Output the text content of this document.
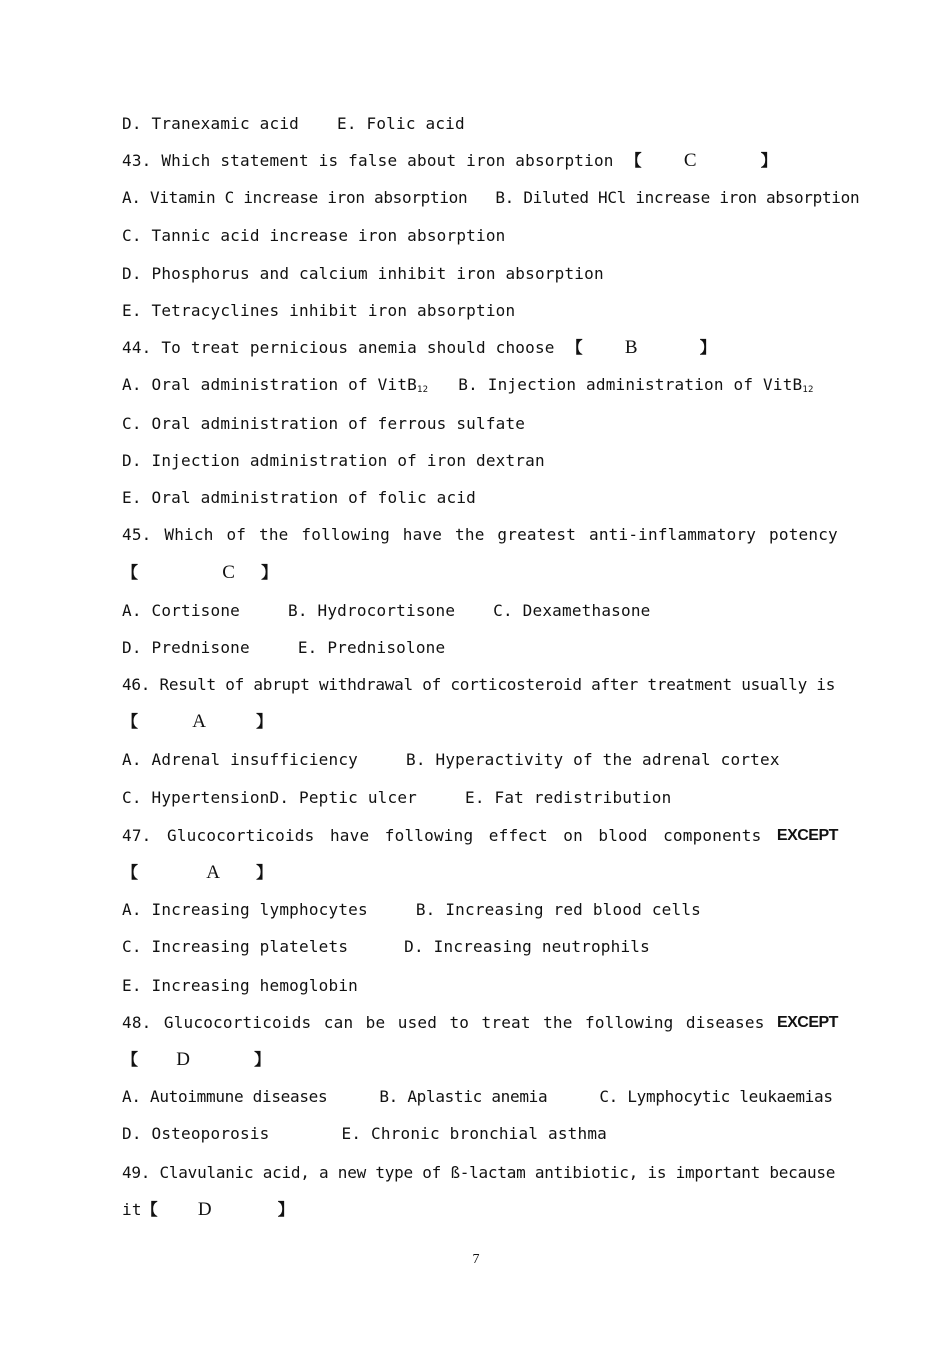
D. Tranexamic acid E. Folic acid
43. Which statement is false about iron absorption 【 C	】
A. Vitamin C increase iron absorption B. Diluted HCl increase iron absorption
C. Tannic acid increase iron absorption
D. Phosphorus and calcium inhibit iron absorption
E. Tetracyclines inhibit iron absorption
44. To treat pernicious anemia should choose 【 B	】
A. Oral administration of VitB$_{12}$ B. Injection administration of VitB$_{12}$
C. Oral administration of ferrous sulfate
D. Injection administration of iron dextran
E. Oral administration of folic acid
45. Which of the following have the greatest anti-inflammatory potency
【	C 】
A. Cortisone	B. Hydrocortisone C. Dexamethasone
D. Prednisone	E. Prednisolone
46. Result of abrupt withdrawal of corticosteroid after treatment usually is
【	A	】
A. Adrenal insufficiency	B. Hyperactivity of the adrenal cortex
C. HypertensionD. Peptic ulcer	E. Fat redistribution
47. Glucocorticoids have following effect on blood components EXCEPT
【	A 】
A. Increasing lymphocytes	B. Increasing red blood cells
C. Increasing platelets	D. Increasing neutrophils
E. Increasing hemoglobin
48. Glucocorticoids can be used to treat the following diseases EXCEPT
【 D	】
A. Autoimmune diseases	B. Aplastic anemia	C. Lymphocytic leukaemias
D. Osteoporosis	E. Chronic bronchial asthma
49. Clavulanic acid, a new type of ß-lactam antibiotic, is important because
it【 D	】
7
